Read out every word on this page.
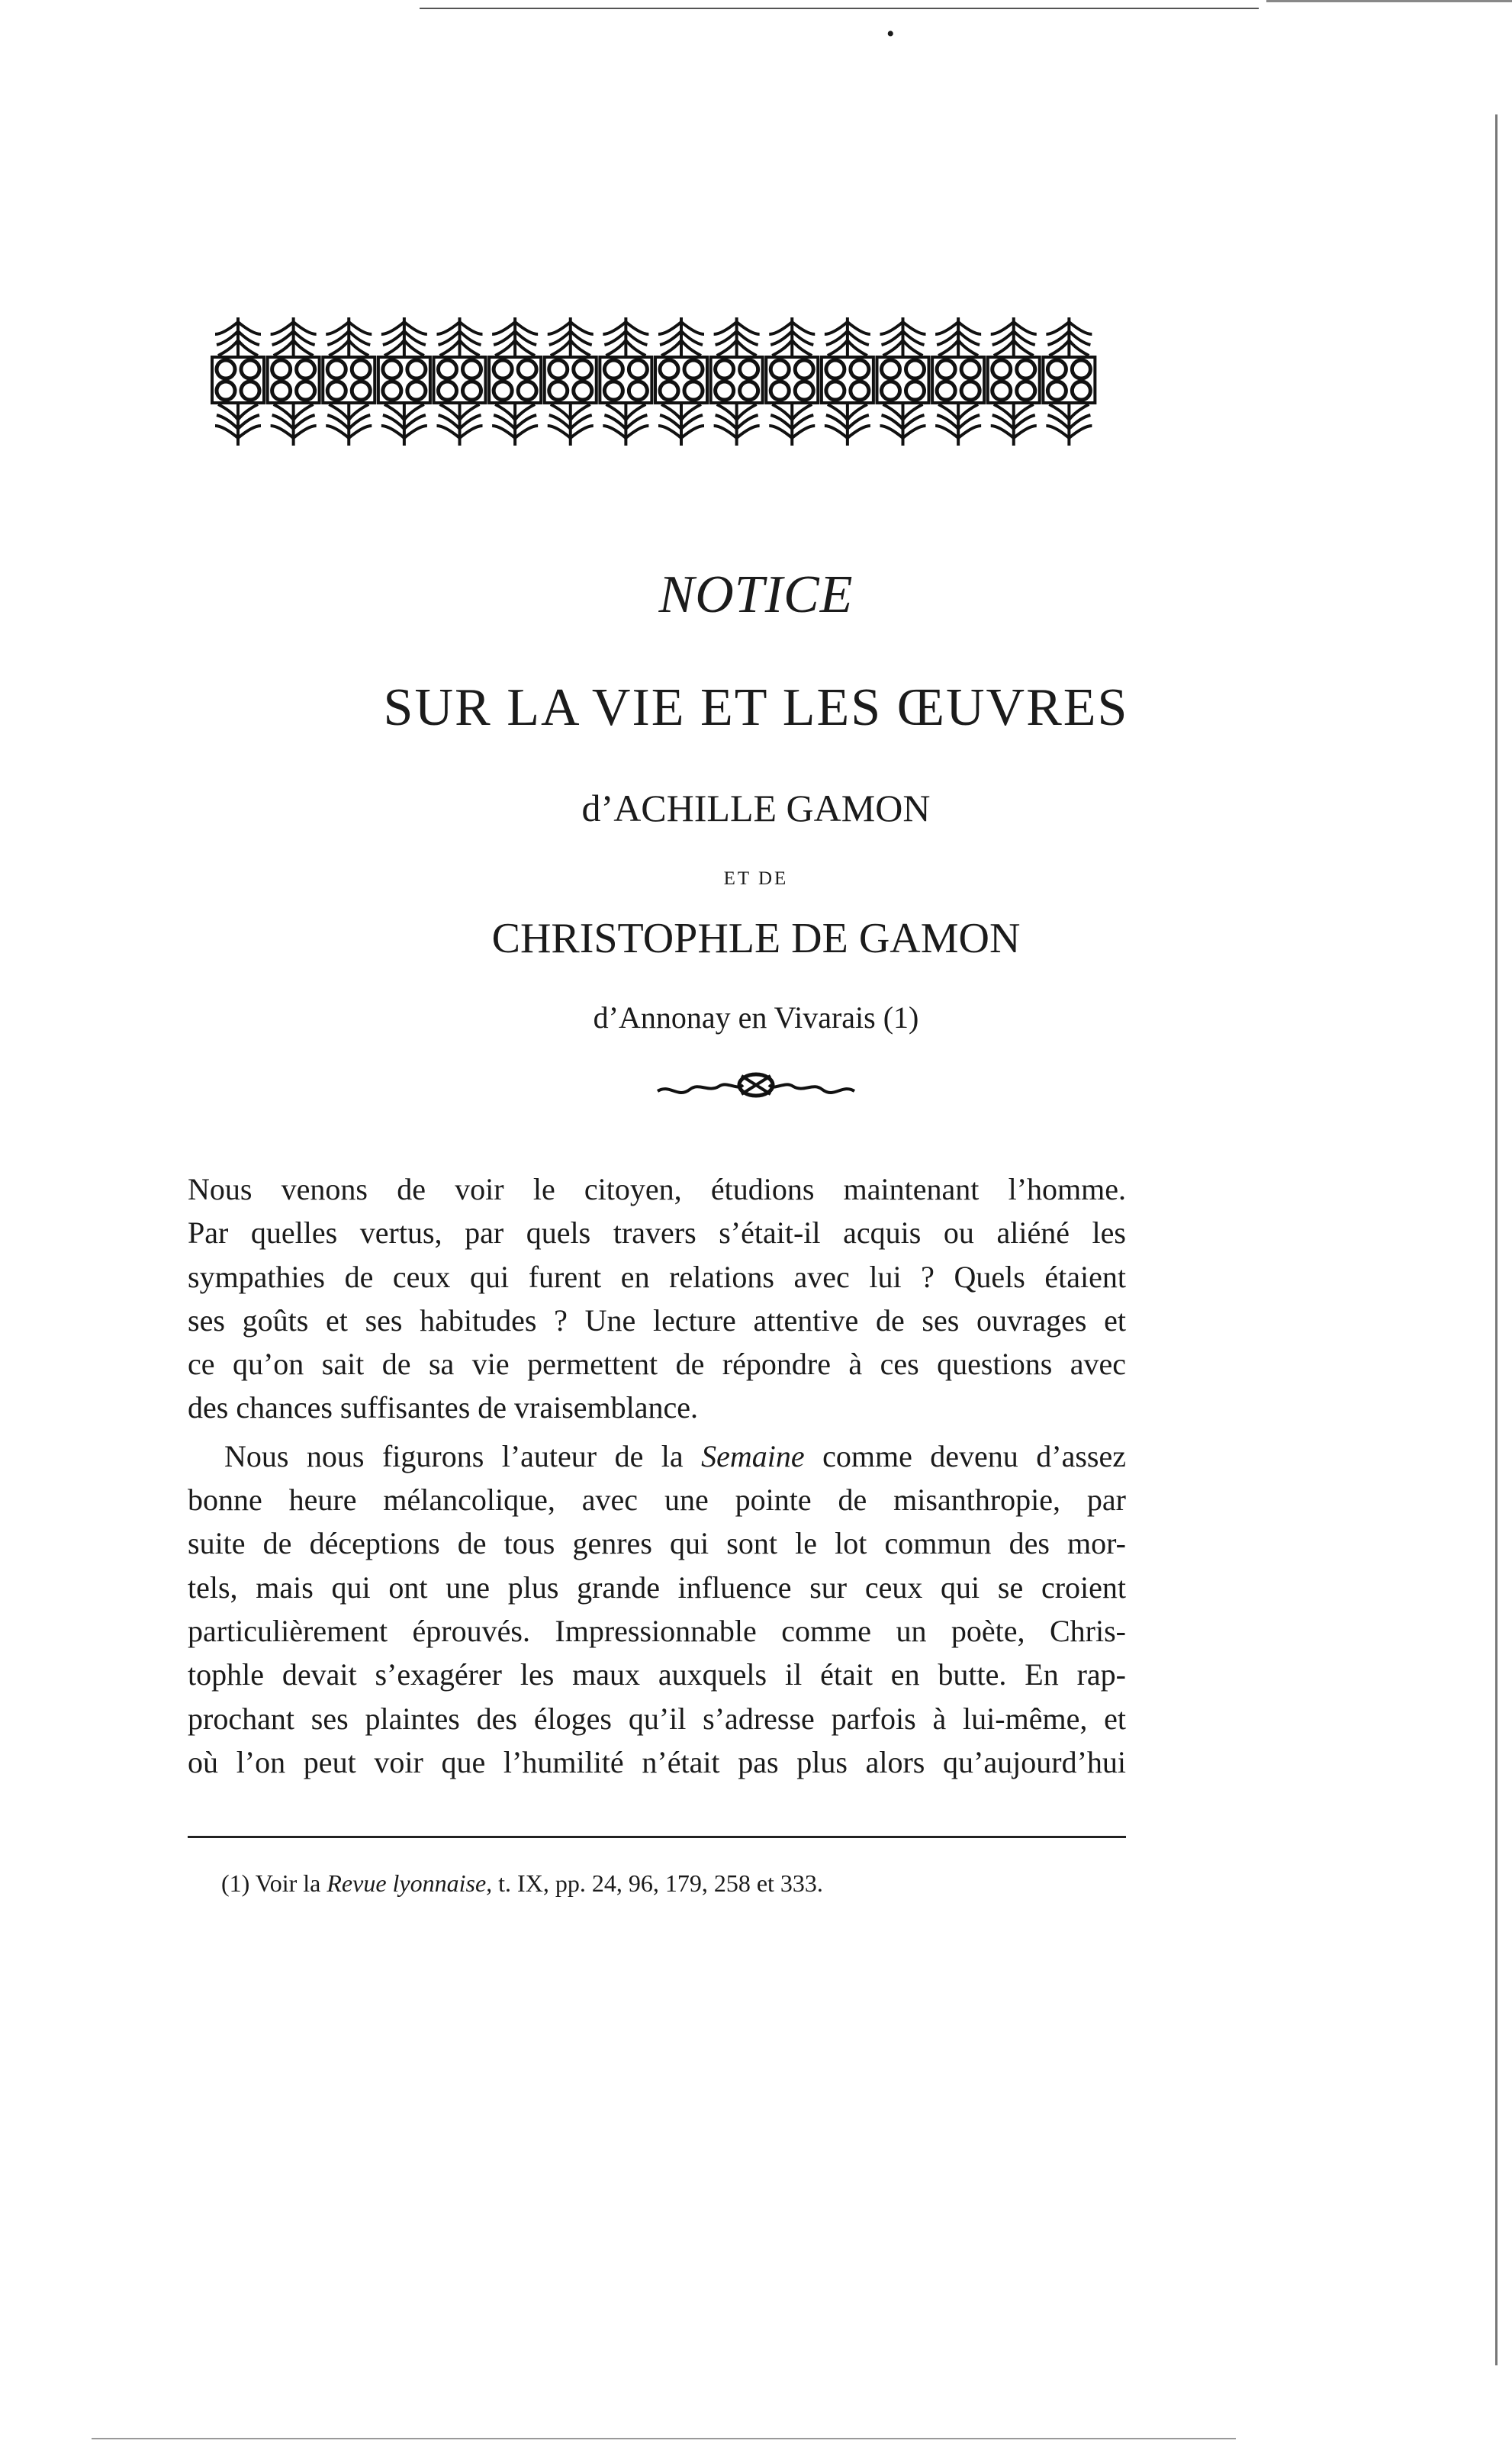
•
NOTICE
SUR LA VIE ET LES ŒUVRES
d’ACHILLE GAMON
ET DE
CHRISTOPHLE DE GAMON
d’Annonay en Vivarais (1)
Nous venons de voir le citoyen, étudions maintenant l’homme.
Par quelles vertus, par quels travers s’était-il acquis ou aliéné les
sympathies de ceux qui furent en relations avec lui ? Quels étaient
ses goûts et ses habitudes ? Une lecture attentive de ses ouvrages et
ce qu’on sait de sa vie permettent de répondre à ces questions avec
des chances suffisantes de vraisemblance.
Nous nous figurons l’auteur de la Semaine comme devenu d’assez
bonne heure mélancolique, avec une pointe de misanthropie, par
suite de déceptions de tous genres qui sont le lot commun des mor-
tels, mais qui ont une plus grande influence sur ceux qui se croient
particulièrement éprouvés. Impressionnable comme un poète, Chris-
tophle devait s’exagérer les maux auxquels il était en butte. En rap-
prochant ses plaintes des éloges qu’il s’adresse parfois à lui-même, et
où l’on peut voir que l’humilité n’était pas plus alors qu’aujourd’hui
(1) Voir la Revue lyonnaise, t. IX, pp. 24, 96, 179, 258 et 333.
